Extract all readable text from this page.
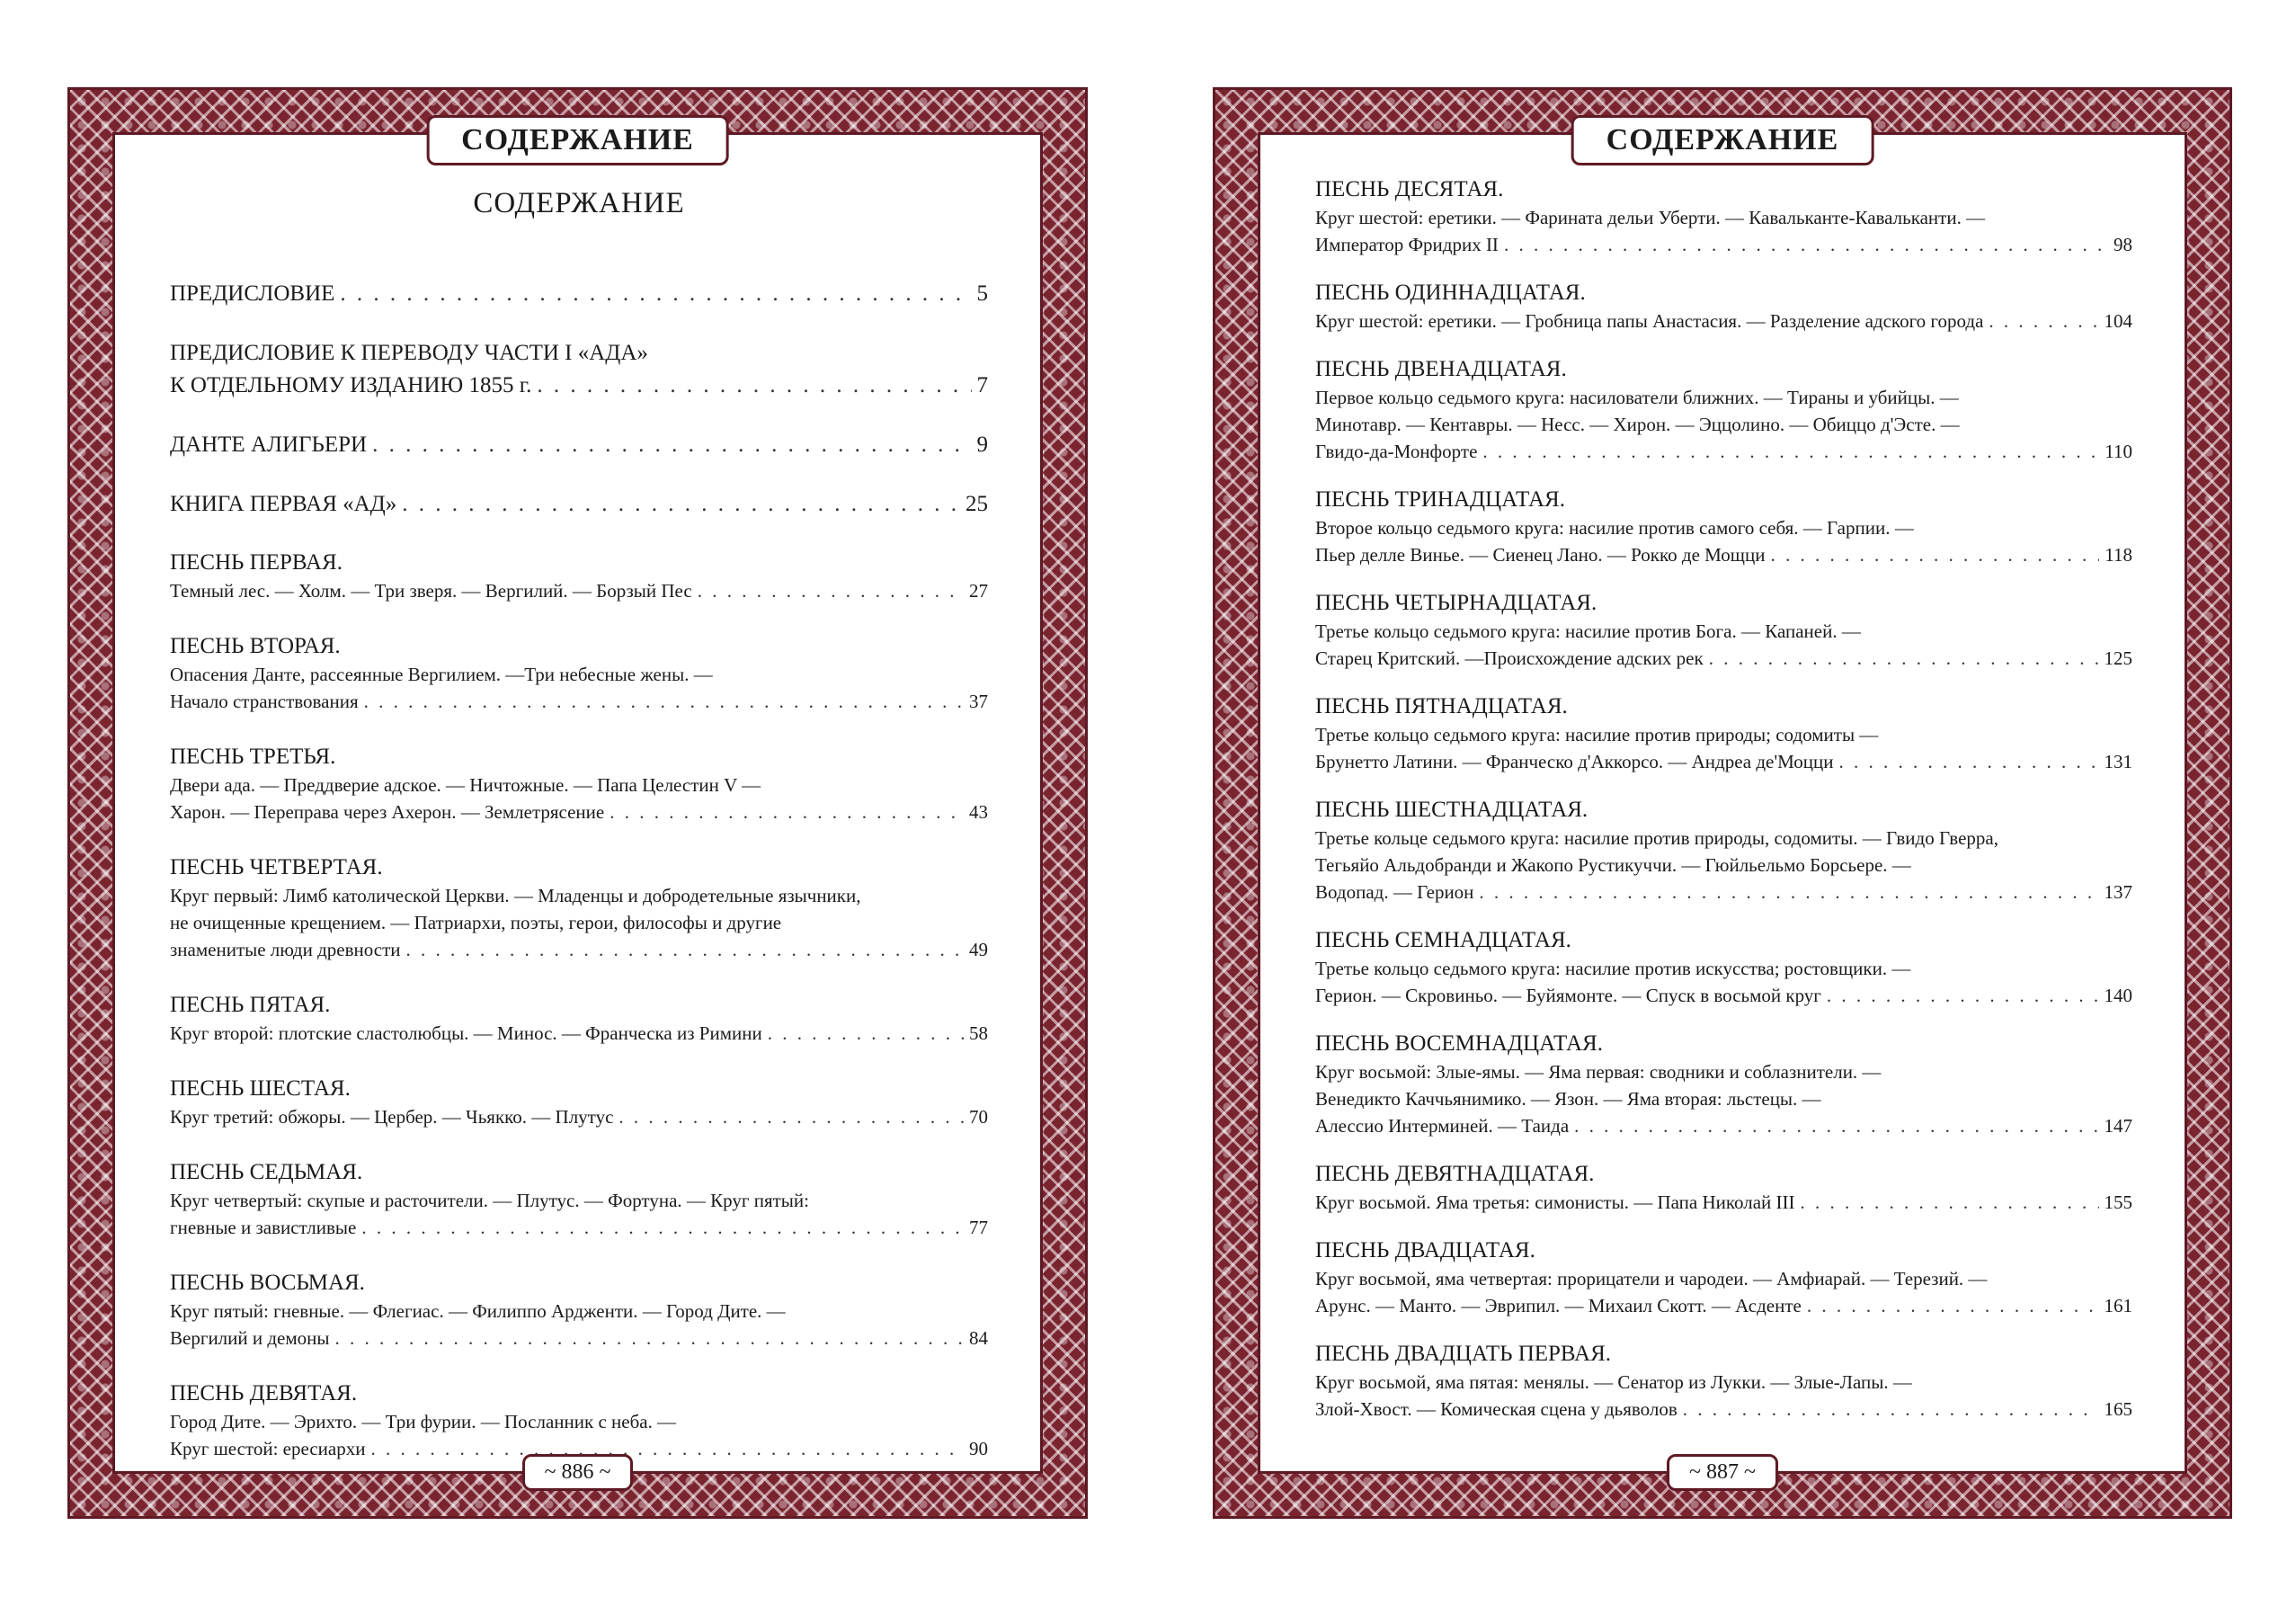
СОДЕРЖАНИЕ
СОДЕРЖАНИЕ
ПРЕДИСЛОВИЕ . . .	5
ПРЕДИСЛОВИЕ К ПЕРЕВОДУ ЧАСТИ I «АДА»
К ОТДЕЛЬНОМУ ИЗДАНИЮ 1855 г. . . .	7
ДАНТЕ АЛИГЬЕРИ . . .	9
КНИГА ПЕРВАЯ «АД» . . .	25
ПЕСНЬ ПЕРВАЯ.
Темный лес. — Холм. — Три зверя. — Вергилий. — Борзый Пес . . .	27
ПЕСНЬ ВТОРАЯ.
Опасения Данте, рассеянные Вергилием. —Три небесные жены. —
Начало странствования . . .	37
ПЕСНЬ ТРЕТЬЯ.
Двери ада. — Преддверие адское. — Ничтожные. — Папа Целестин V —
Харон. — Переправа через Ахерон. — Землетрясение . . .	43
ПЕСНЬ ЧЕТВЕРТАЯ.
Круг первый: Лимб католической Церкви. — Младенцы и добродетельные язычники,
не очищенные крещением. — Патриархи, поэты, герои, философы и другие
знаменитые люди древности . . .	49
ПЕСНЬ ПЯТАЯ.
Круг второй: плотские сластолюбцы. — Минос. — Франческа из Римини . . .	58
ПЕСНЬ ШЕСТАЯ.
Круг третий: обжоры. — Цербер. — Чьякко. — Плутус . . .	70
ПЕСНЬ СЕДЬМАЯ.
Круг четвертый: скупые и расточители. — Плутус. — Фортуна. — Круг пятый:
гневные и завистливые . . .	77
ПЕСНЬ ВОСЬМАЯ.
Круг пятый: гневные. — Флегиас. — Филиппо Ардженти. — Город Дите. —
Вергилий и демоны . . .	84
ПЕСНЬ ДЕВЯТАЯ.
Город Дите. — Эрихто. — Три фурии. — Посланник с неба. —
Круг шестой: ересиархи . . .	90
~ 886 ~
СОДЕРЖАНИЕ
ПЕСНЬ ДЕСЯТАЯ.
Круг шестой: еретики. — Фарината дельи Уберти. — Кавальканте-Кавальканти. —
Император Фридрих II . . .	98
ПЕСНЬ ОДИННАДЦАТАЯ.
Круг шестой: еретики. — Гробница папы Анастасия. — Разделение адского города . . .	104
ПЕСНЬ ДВЕНАДЦАТАЯ.
Первое кольцо седьмого круга: насилователи ближних. — Тираны и убийцы. —
Минотавр. — Кентавры. — Несс. — Хирон. — Эццолино. — Обиццо д'Эсте. —
Гвидо-да-Монфорте . . .	110
ПЕСНЬ ТРИНАДЦАТАЯ.
Второе кольцо седьмого круга: насилие против самого себя. — Гарпии. —
Пьер делле Винье. — Сиенец Лано. — Рокко де Мощци . . .	118
ПЕСНЬ ЧЕТЫРНАДЦАТАЯ.
Третье кольцо седьмого круга: насилие против Бога. — Капаней. —
Старец Критский. —Происхождение адских рек . . .	125
ПЕСНЬ ПЯТНАДЦАТАЯ.
Третье кольцо седьмого круга: насилие против природы; содомиты —
Брунетто Латини. — Франческо д'Аккорсо. — Андреа де'Моцци . . .	131
ПЕСНЬ ШЕСТНАДЦАТАЯ.
Третье кольце седьмого круга: насилие против природы, содомиты. — Гвидо Гверра,
Тегьяйо Альдобранди и Жакопо Рустикуччи. — Гюйльельмо Борсьере. —
Водопад. — Герион . . .	137
ПЕСНЬ СЕМНАДЦАТАЯ.
Третье кольцо седьмого круга: насилие против искусства; ростовщики. —
Герион. — Скровиньо. — Буйямонте. — Спуск в восьмой круг . . .	140
ПЕСНЬ ВОСЕМНАДЦАТАЯ.
Круг восьмой: Злые-ямы. — Яма первая: сводники и соблазнители. —
Венедикто Каччьянимико. — Язон. — Яма вторая: льстецы. —
Алессио Интерминей. — Таида . . .	147
ПЕСНЬ ДЕВЯТНАДЦАТАЯ.
Круг восьмой. Яма третья: симонисты. — Папа Николай III . . .	155
ПЕСНЬ ДВАДЦАТАЯ.
Круг восьмой, яма четвертая: прорицатели и чародеи. — Амфиарай. — Терезий. —
Арунс. — Манто. — Эврипил. — Михаил Скотт. — Асденте . . .	161
ПЕСНЬ ДВАДЦАТЬ ПЕРВАЯ.
Круг восьмой, яма пятая: менялы. — Сенатор из Лукки. — Злые-Лапы. —
Злой-Хвост. — Комическая сцена у дьяволов . . .	165
~ 887 ~
